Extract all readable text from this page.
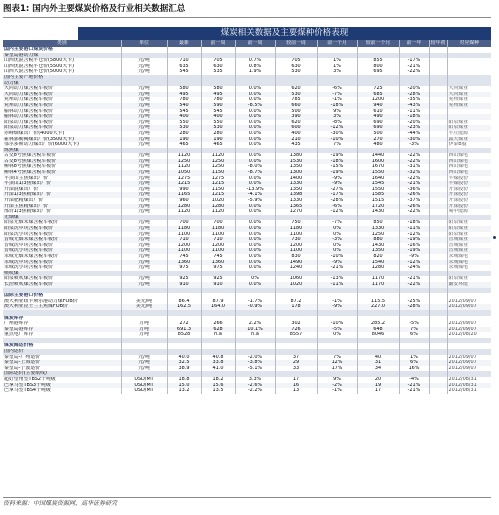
图表1: 国内外主要煤炭价格及行业相关数据汇总
煤炭相关数据及主要煤种价格表现
类别	单位	最新	前一周	前一周	较前一周	前一个月	较前一个月	前一年	较年初	对应煤种
国内主要港口煤炭价格										
秦皇岛港动力煤										
山西优混含税平仓价(5800大卡)	元/吨	710	705	0.7%	705	1%	855	-17%		
山西优混含税平仓价(5500大卡)	元/吨	635	630	0.8%	630	1%	800	-21%		
山西大混含税平仓价(5000大卡)	元/吨	545	535	1.9%	530	3%	695	-22%		
国内主要产地价格										
动力煤										
大同动力煤含税车板价	元/吨	580	580	0.0%	620	-6%	725	-20%		大同煤业
大同动力煤含税车板价	元/吨	495	495	0.0%	530	-7%	685	-28%		大同煤业
兖州动力煤含税车板价	元/吨	780	780	0.0%	785	-1%	1200	-35%		兖州煤业
兖州动力煤含税车板价	元/吨	540	590	-8.5%	660	-18%	940	-43%		兖州煤业
榆林动力煤含税车板价	元/吨	545	545	0.0%	500	9%	610	-11%		
榆林动力煤含税车板价	元/吨	400	400	0.0%	390	3%	490	-18%		
阳泉动力煤含税车板价	元/吨	550	550	0.0%	620	-8%	690	-20%		阳泉煤业
阳泉动力煤含税车板价	元/吨	530	530	0.0%	600	-12%	690	-23%		阳泉煤业
赤峰烟煤出厂价(4000大卡)	元/吨	280	280	0.0%	400	-30%	500	-44%		平庄能源
霍林郭勒褐煤出厂价(3500大卡)	元/吨	190	190	0.0%	210	-10%	270	-30%		露天煤业
鄂尔多斯动力煤出厂价(6000大卡)	元/吨	465	465	0.0%	435	7%	480	-3%		伊泰B股
炼焦煤										
古交8号焦煤含税车板价	元/吨	1120	1120	0.0%	1380	-19%	1440	-22%		西山煤电
古交8号焦煤含税车板价	元/吨	1250	1250	0.0%	1530	-18%	1600	-22%		西山煤电
柳林8号焦煤含税车板价	元/吨	1120	1250	-8.0%	1350	-15%	1670	-31%		西山煤电
柳林4号焦煤含税车板价	元/吨	1050	1150	-8.7%	1300	-19%	1550	-32%		西山煤电
平顶山主焦煤出厂价	元/吨	1275	1275	0.0%	1400	-9%	1640	-22%		平煤股份
平顶山1/3焦煤出厂价	元/吨	1215	1215	0.0%	1330	-9%	1545	-21%		平煤股份
开滦混煤出厂价	元/吨	990	1150	-13.9%	1350	-27%	1550	-36%		开滦股份
开滦1/3焦精煤出厂价	元/吨	1165	1215	-4.1%	1398	-17%	1585	-26%		开滦股份
开滦肥精煤出厂价	元/吨	960	1020	-5.9%	1330	-28%	1515	-37%		开滦股份
开滦主焦精煤出厂价	元/吨	1280	1280	0.0%	1365	-6%	1720	-26%		开滦股份
邢台1/3焦精煤出厂价	元/吨	1120	1120	0.0%	1270	-12%	1430	-22%		冀中能源
无烟煤										
阳泉无烟末煤含税车板价	元/吨	700	700	0.0%	750	-7%	850	-18%		阳泉煤业
阳泉洗中块含税车板价	元/吨	1180	1180	0.0%	1180	0%	1330	-11%		阳泉煤业
阳泉洗小块含税车板价	元/吨	1100	1100	0.0%	1100	0%	1250	-12%		阳泉煤业
晋城无烟末煤含税车板价	元/吨	710	710	0.0%	730	-3%	880	-19%		晋城煤业
晋城洗中块含税车板价	元/吨	1200	1200	0.0%	1200	0%	1430	-16%		晋城煤业
晋城洗小块含税车板价	元/吨	1100	1100	0.0%	1100	0%	1350	-19%		晋城煤业
永城无烟末煤含税车板价	元/吨	745	745	0.0%	830	-10%	820	-9%		永城煤电
永城洗中块含税车板价	元/吨	1360	1360	0.0%	1490	-9%	1540	-12%		永城煤电
永城洗小块含税车板价	元/吨	975	975	0.0%	1240	-21%	1280	-24%		永城煤电
喷吹煤										
阳泉喷吹煤含税车板价	元/吨	925	925	0%	1060	-13%	1170	-21%		阳泉煤业
长治喷吹煤含税车板价	元/吨	910	910	0.0%	1020	-11%	1170	-22%		潞安环能

国际主要港口价格										
澳大利亚纽卡斯尔港动力煤FOB价	美元/吨	86.4	87.9	-1.7%	87.2	-1%	115.5	-25%		2012/09/07
澳大利亚昆士兰主焦煤FOB价	美元/吨	162.5	164.0	-0.9%	178	-9%	227.0	-28%		2012/09/07

煤炭库存										
广州港库存	万吨	272	266	2.2%	302	-10%	285.2	-5%		2012/09/07
秦皇岛港库存	万吨	691.3	628	10.1%	726	-5%	648	7%		2012/09/07
重点电厂库存	万吨	8528	n.a	n.a	8557	0%	8046	6%		2012/08/20

煤炭海运价格										
国内运价										
秦皇岛-广州运价	元/吨	40.0	40.8	-2.0%	37	7%	40	1%		2012/09/07
秦皇岛-上海运价	元/吨	32.5	33.8	-3.8%	29	12%	31	6%		2012/09/07
秦皇岛-宁波运价	元/吨	38.9	41.0	-5.1%	33	17%	34	16%		2012/09/07
国际运价(主要航线)										
超好望角型TBS2干吨级	USD/MT	18.8	18.2	3.3%	17	9%	20	-4%		2012/08/31
巴拿马型TBS3干吨级	USD/MT	15.0	15.6	-2.6%	16	-2%	19	-21%		2012/08/31
巴拿马型TBS4干吨级	USD/MT	13.2	13.5	-2.2%	13	-1%	17	-21%		2012/08/31
资料来源：中国煤炭资源网、高华证券研究
